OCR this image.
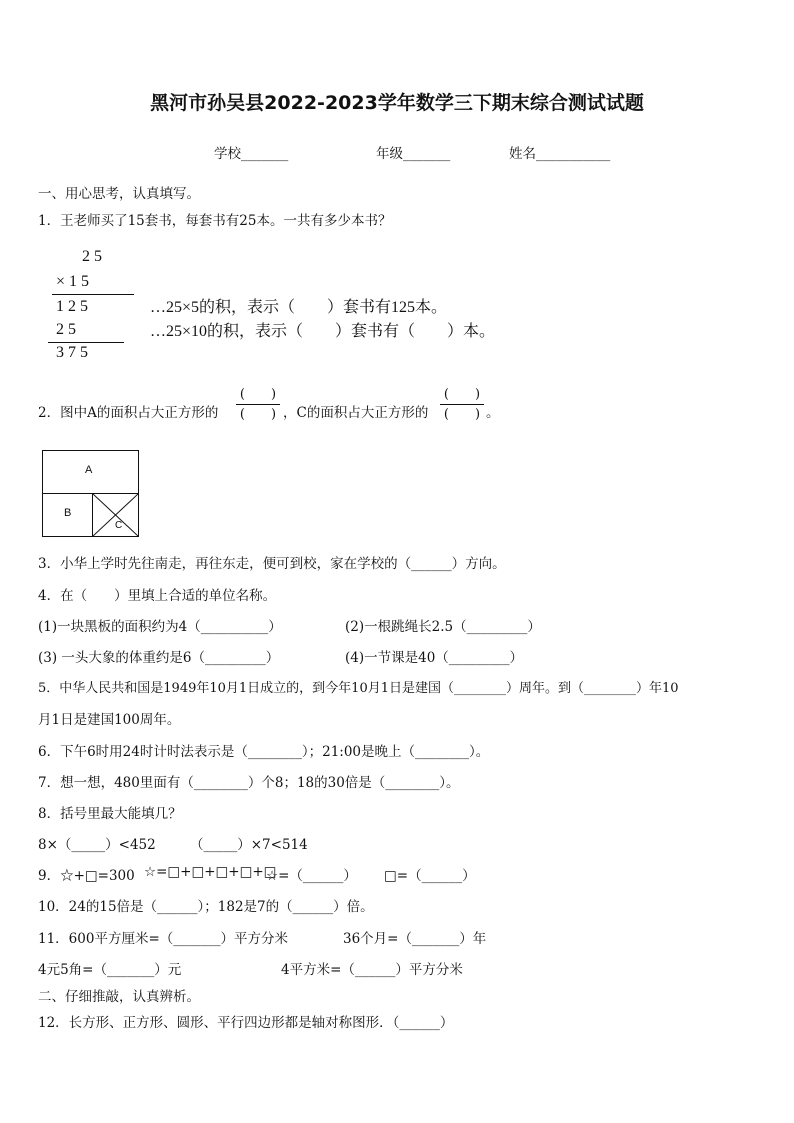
黑河市孙吴县2022-2023学年数学三下期末综合测试试题
学校_______	年级_______	姓名___________
一、用心思考，认真填写。
1．王老师买了15套书，每套书有25本。一共有多少本书？
2 5
× 1 5
1 2 5
2 5
3 7 5
…25×5的积，表示（　　）套书有125本。
…25×10的积，表示（　　）套书有（　　）本。
2．图中A的面积占大正方形的
(　　)
(　　) ，C的面积占大正方形的
(　　)
(　　) 。
A
B
C
3．小华上学时先往南走，再往东走，便可到校，家在学校的（______）方向。
4．在（　　）里填上合适的单位名称。
(1)一块黑板的面积约为4（__________）	(2)一根跳绳长2.5（_________）
(3) 一头大象的体重约是6（_________）	(4)一节课是40（_________）
5．中华人民共和国是1949年10月1日成立的，到今年10月1日是建国（________）周年。到（________）年10
月1日是建国100周年。
6．下午6时用24时计时法表示是（________）；21:00是晚上（________）。
7．想一想，480里面有（________）个8；18的30倍是（________）。
8．括号里最大能填几？
8×（_____）<452	（_____）×7<514
9．☆+□=300 ☆=□+□+□+□+□
☆=（______） □=（______）
10．24的15倍是（______）；182是7的（______）倍。
11．600平方厘米=（_______）平方分米	36个月=（_______）年
4元5角=（_______）元	4平方米=（______）平方分米
二、仔细推敲，认真辨析。
12．长方形、正方形、圆形、平行四边形都是轴对称图形．（______）
